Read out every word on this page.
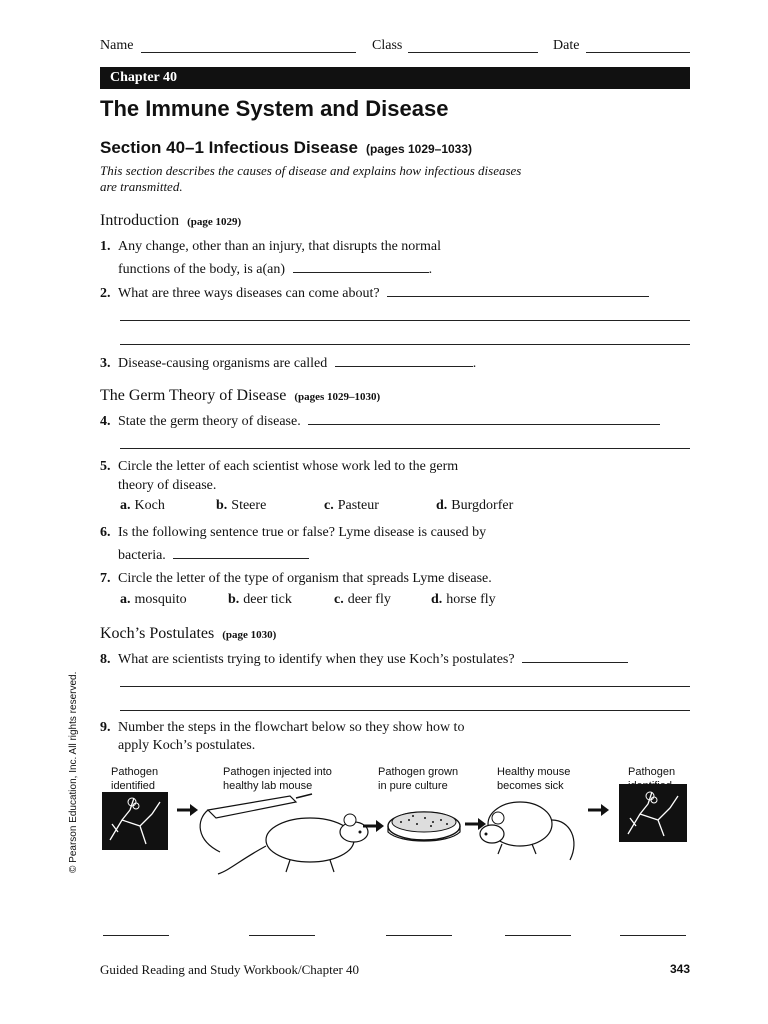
© Pearson Education, Inc. All rights reserved.
Name	Class	Date
Chapter 40
The Immune System and Disease
Section 40–1 Infectious Disease (pages 1029–1033)
This section describes the causes of disease and explains how infectious diseases are transmitted.
Introduction (page 1029)
1. Any change, other than an injury, that disrupts the normal
functions of the body, is a(an)	.
2. What are three ways diseases can come about?
3. Disease-causing organisms are called	.
The Germ Theory of Disease (pages 1029–1030)
4. State the germ theory of disease.
5. Circle the letter of each scientist whose work led to the germ
theory of disease.
a. Koch	b. Steere	c. Pasteur	d. Burgdorfer
6. Is the following sentence true or false? Lyme disease is caused by
bacteria.
7. Circle the letter of the type of organism that spreads Lyme disease.
a. mosquito	b. deer tick	c. deer fly	d. horse fly
Koch’s Postulates (page 1030)
8. What are scientists trying to identify when they use Koch’s postulates?
9. Number the steps in the flowchart below so they show how to
apply Koch’s postulates.
Pathogen
identified
Pathogen injected into
healthy lab mouse
Pathogen grown
in pure culture
Healthy mouse
becomes sick
Pathogen

Guided Reading and Study Workbook/Chapter 40	343
